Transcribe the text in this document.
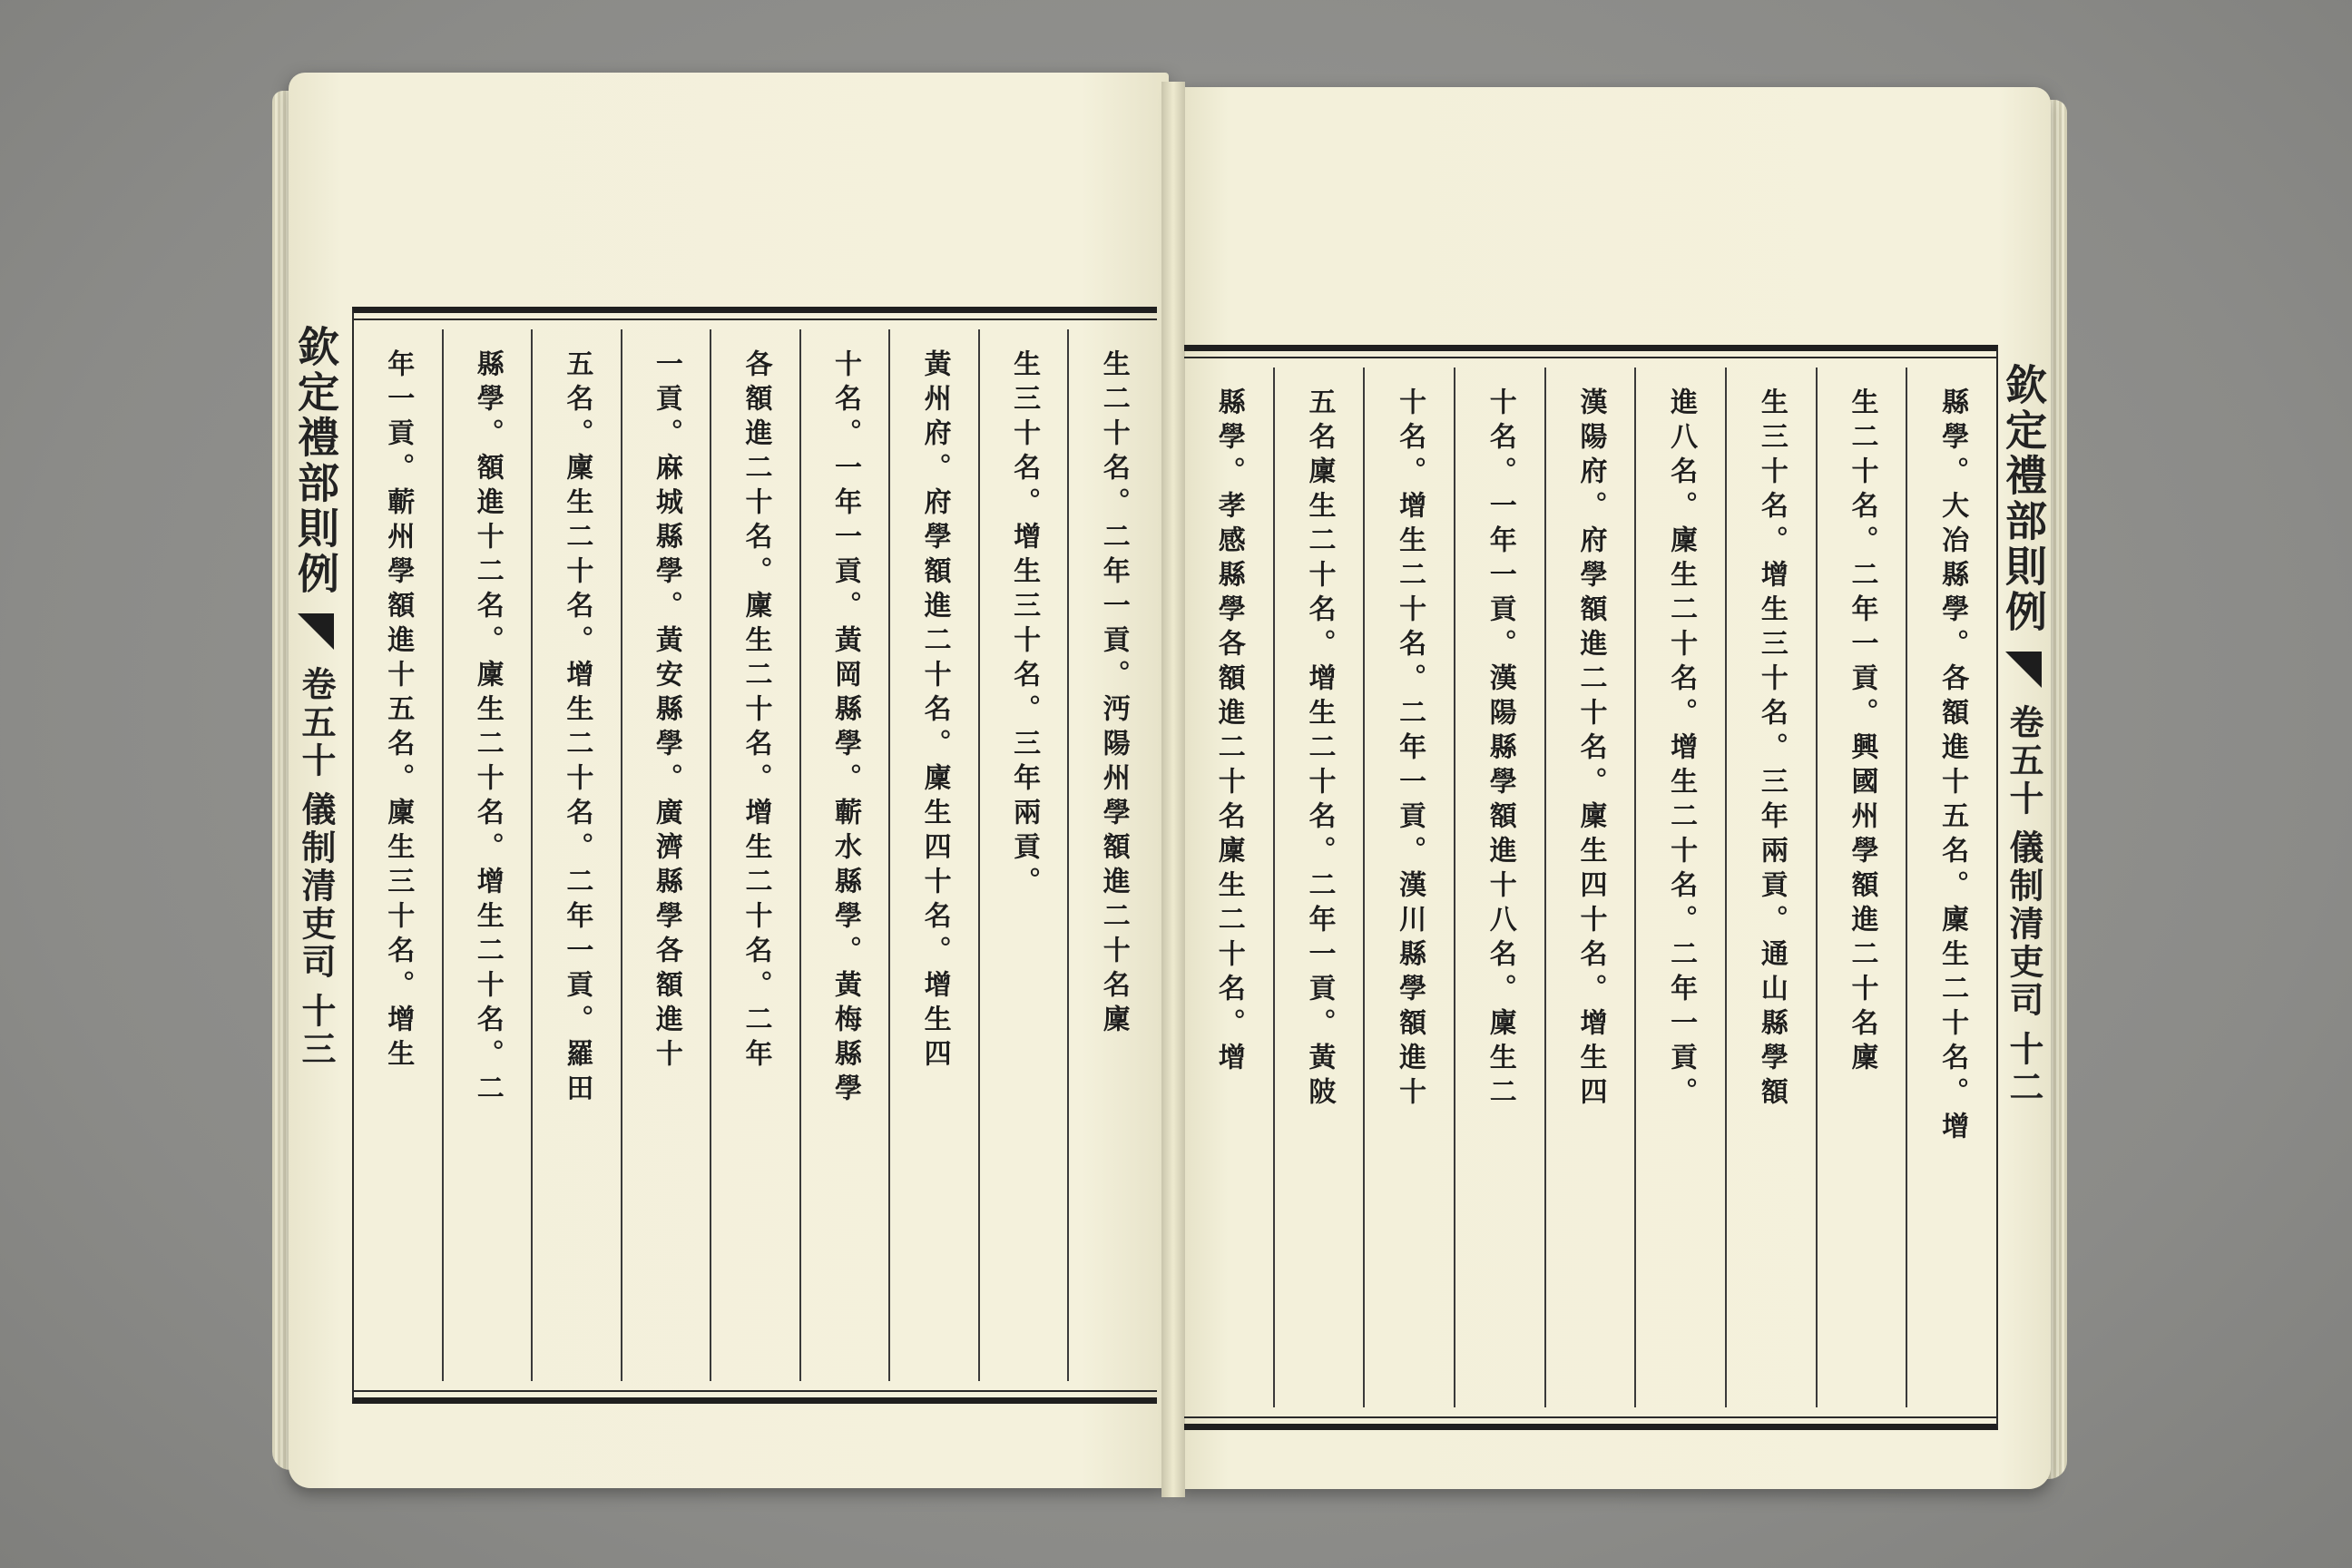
欽定禮部則例
卷五十
儀制清吏司
十三	生二十名。二年一貢。沔陽州學額進二十名廩
生三十名。增生三十名。三年兩貢。
黃州府。府學額進二十名。廩生四十名。增生四
十名。一年一貢。黃岡縣學。蘄水縣學。黃梅縣學
各額進二十名。廩生二十名。增生二十名。二年
一貢。麻城縣學。黃安縣學。廣濟縣學各額進十
五名。廩生二十名。增生二十名。二年一貢。羅田
縣學。額進十二名。廩生二十名。增生二十名。二
年一貢。蘄州學額進十五名。廩生三十名。增生	縣學。大冶縣學。各額進十五名。廩生二十名。增
生二十名。二年一貢。興國州學額進二十名廩
生三十名。增生三十名。三年兩貢。通山縣學額
進八名。廩生二十名。增生二十名。二年一貢。
漢陽府。府學額進二十名。廩生四十名。增生四
十名。一年一貢。漢陽縣學額進十八名。廩生二
十名。增生二十名。二年一貢。漢川縣學額進十
五名廩生二十名。增生二十名。二年一貢。黃陂
縣學。孝感縣學各額進二十名廩生二十名。增	欽定禮部則例
卷五十
儀制清吏司
十二
